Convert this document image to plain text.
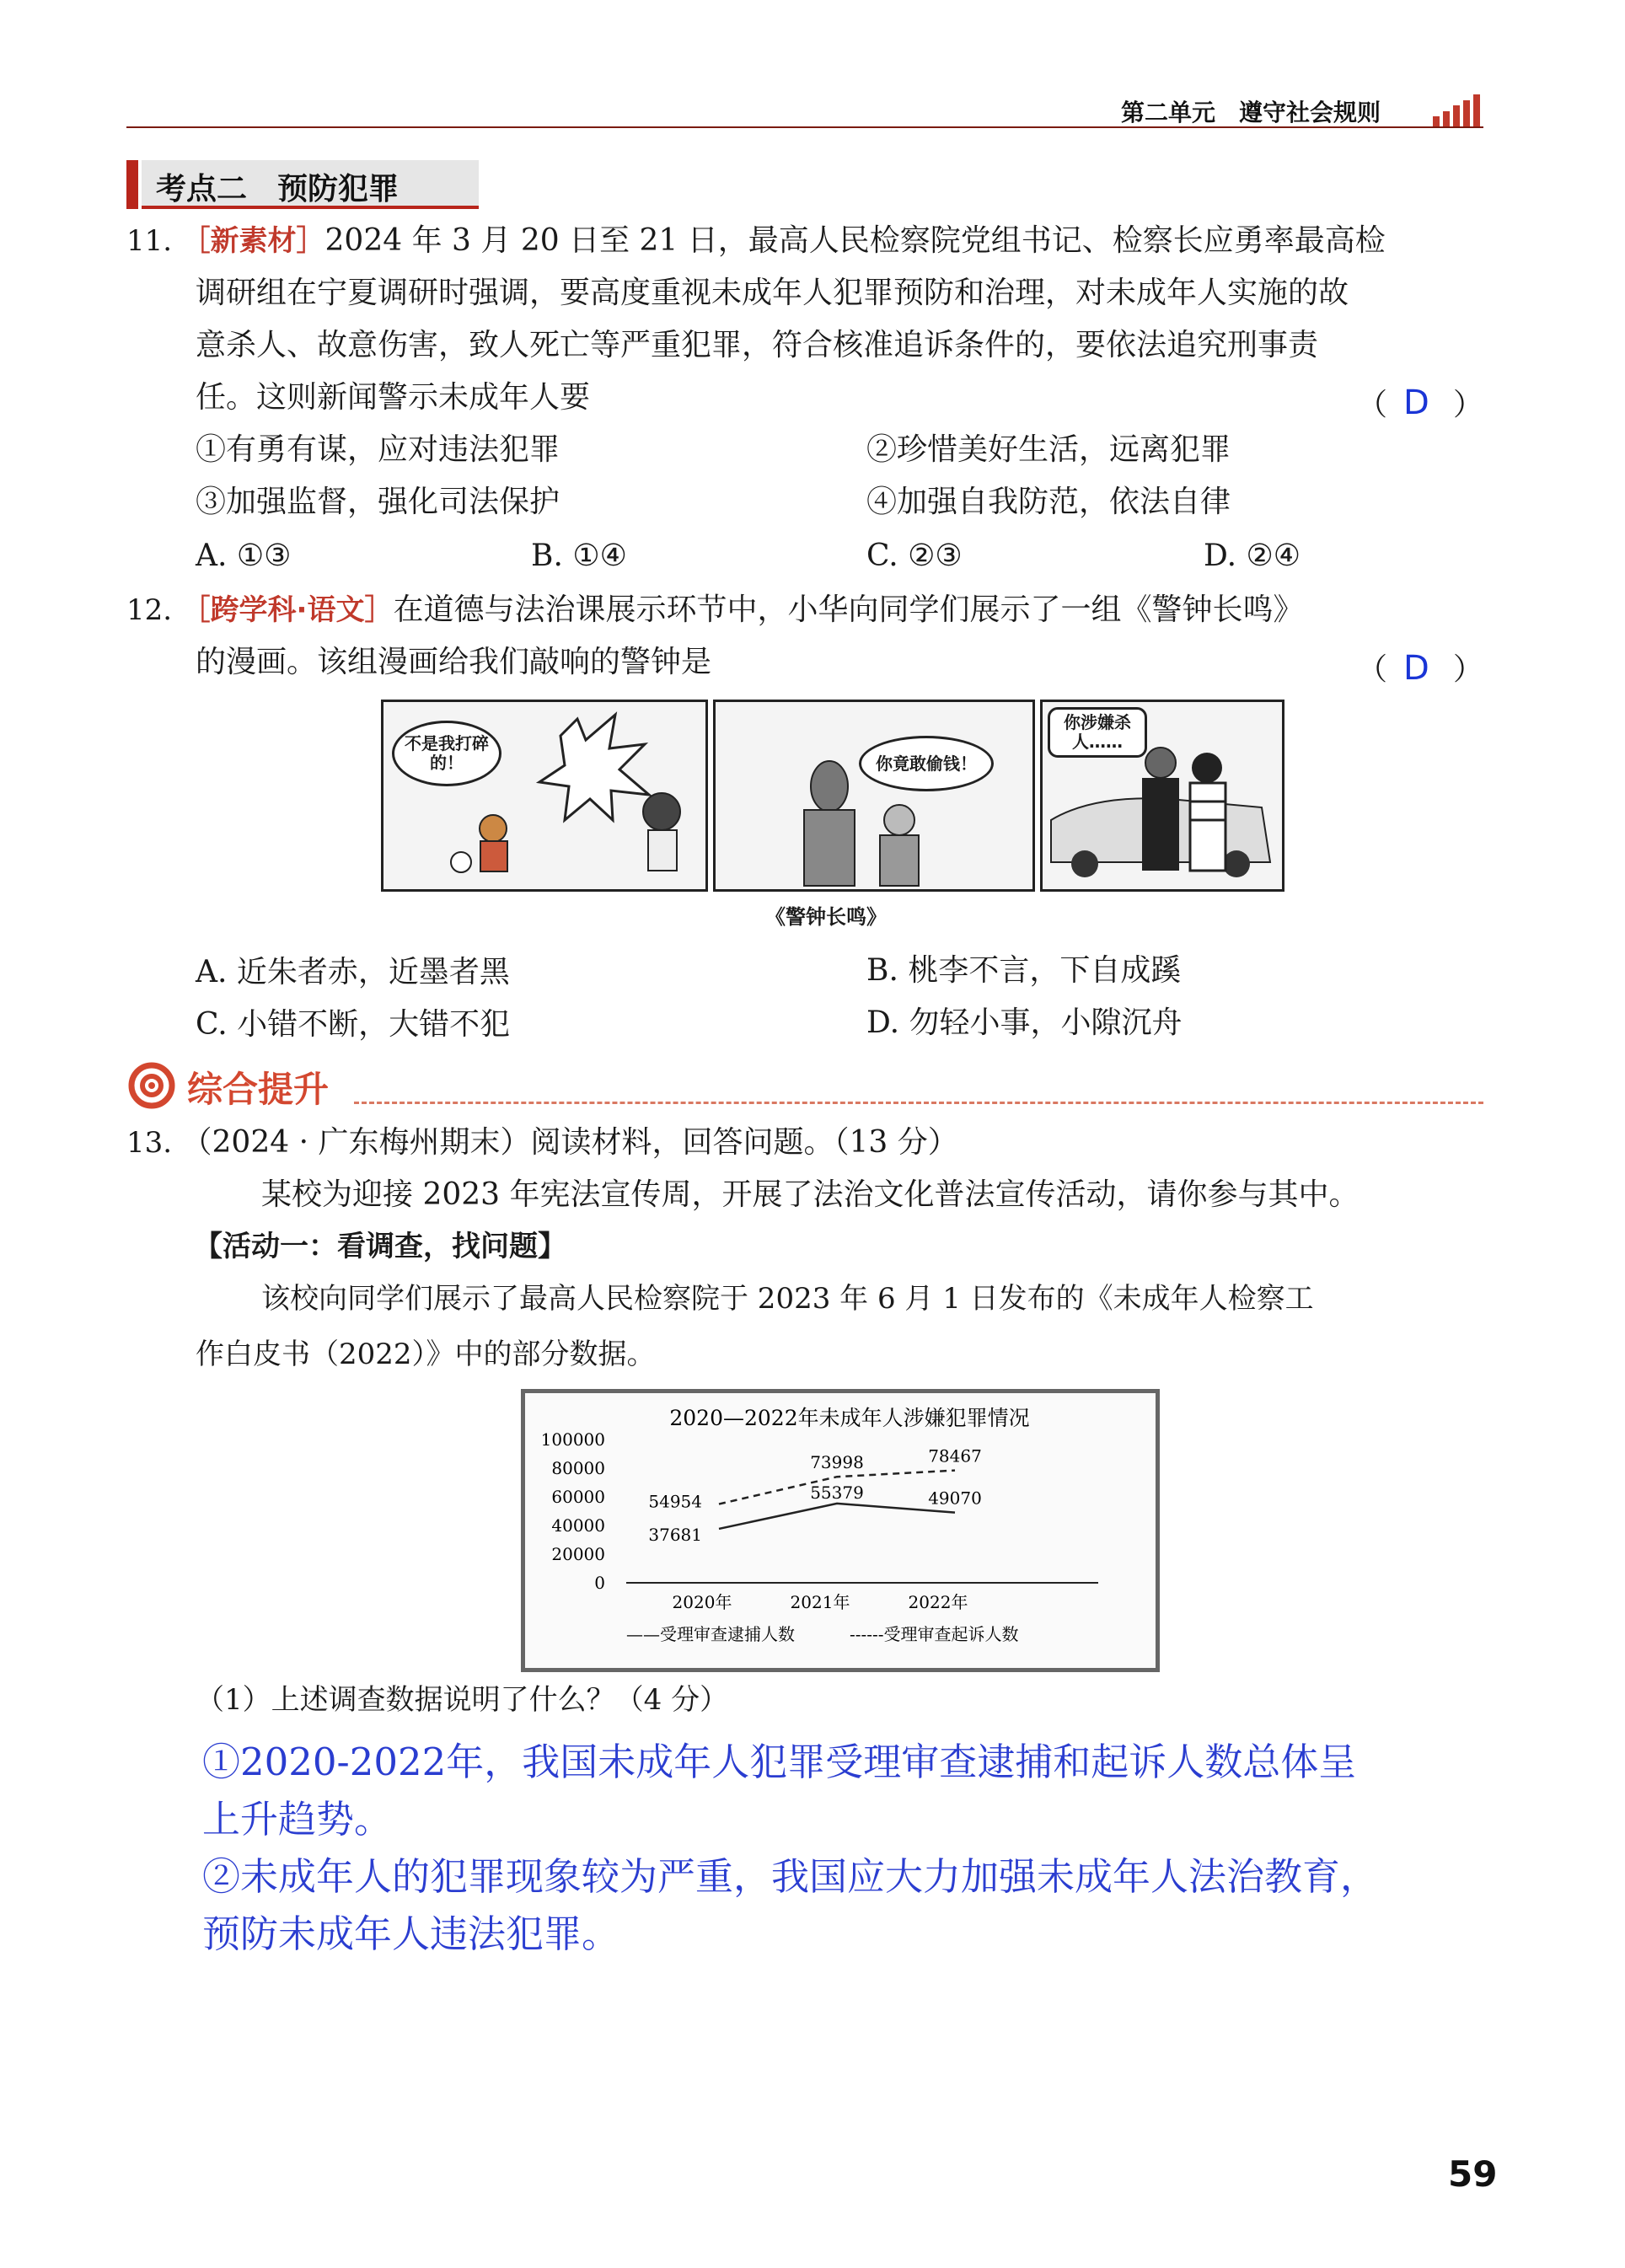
第二单元　 遵守社会规则
考点二　预防犯罪
11. ［新素材］2024 年 3 月 20 日至 21 日，最高人民检察院党组书记、检察长应勇率最高检
调研组在宁夏调研时强调，要高度重视未成年人犯罪预防和治理，对未成年人实施的故
意杀人、故意伤害，致人死亡等严重犯罪，符合核准追诉条件的，要依法追究刑事责
任。这则新闻警示未成年人要	（ D ）
①有勇有谋，应对违法犯罪	②珍惜美好生活，远离犯罪
③加强监督，强化司法保护	④加强自我防范，依法自律
A. ①③	B. ①④	C. ②③	D. ②④
12. ［跨学科·语文］在道德与法治课展示环节中，小华向同学们展示了一组《警钟长鸣》
的漫画。该组漫画给我们敲响的警钟是	（ D ）
不是我打碎的！	你竟敢偷钱！
你涉嫌杀人……
《警钟长鸣》
A. 近朱者赤，近墨者黑	B. 桃李不言，下自成蹊
C. 小错不断，大错不犯	D. 勿轻小事，小隙沉舟
综合提升
13. （2024 · 广东梅州期末）阅读材料，回答问题。（13 分）
某校为迎接 2023 年宪法宣传周，开展了法治文化普法宣传活动，请你参与其中。
【活动一：看调查，找问题】
该校向同学们展示了最高人民检察院于 2023 年 6 月 1 日发布的《未成年人检察工
作白皮书（2022）》中的部分数据。
2020—2022年未成年人涉嫌犯罪情况
100000
80000
60000
40000
20000
0
2020年	2021年	2022年
37681
55379	49070
54954
73998	78467
——受理审查逮捕人数	------受理审查起诉人数
（1）上述调查数据说明了什么？（4 分）
①2020-2022年，我国未成年人犯罪受理审查逮捕和起诉人数总体呈
上升趋势。
②未成年人的犯罪现象较为严重，我国应大力加强未成年人法治教育，
预防未成年人违法犯罪。
59
